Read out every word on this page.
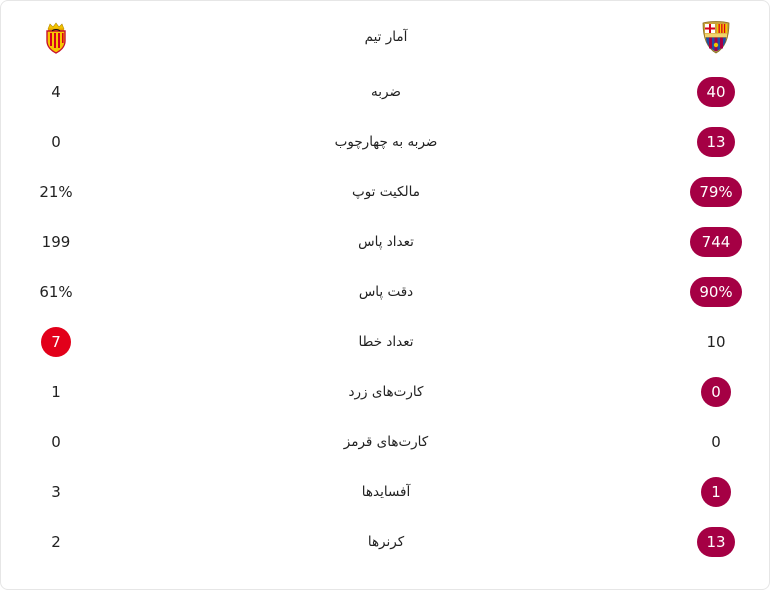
آمار تیم
4	ضربه	40
0	ضربه به چهارچوب	13
21%	مالکیت توپ	79%
199	تعداد پاس	744
61%	دقت پاس	90%
7	تعداد خطا	10
1	کارت‌های زرد	0
0	کارت‌های قرمز	0
3	آفسایدها	1
2	کرنرها	13
